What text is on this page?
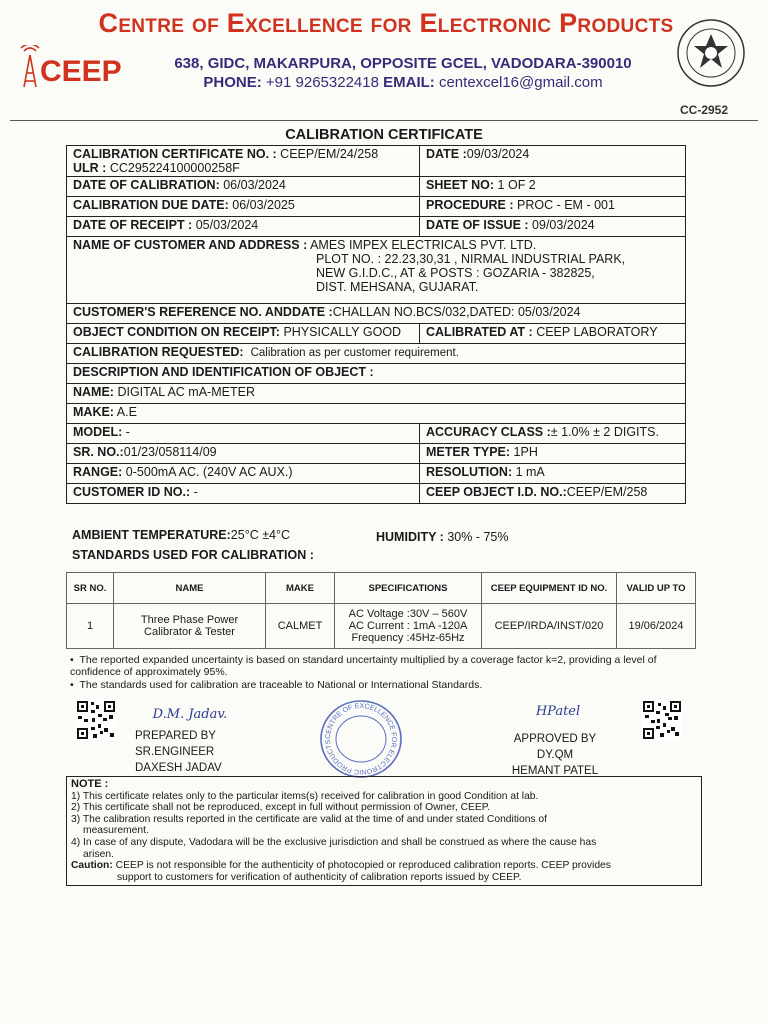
Centre of Excellence for Electronic Products
CEEP	638, GIDC, MAKARPURA, OPPOSITE GCEL, VADODARA-390010
PHONE: +91 9265322418 EMAIL: centexcel16@gmail.com
CC-2952
CALIBRATION CERTIFICATE
CALIBRATION CERTIFICATE NO. : CEEP/EM/24/258
ULR : CC295224100000258F	DATE :09/03/2024
DATE OF CALIBRATION: 06/03/2024	SHEET NO: 1 OF 2
CALIBRATION DUE DATE: 06/03/2025	PROCEDURE : PROC - EM - 001
DATE OF RECEIPT : 05/03/2024	DATE OF ISSUE : 09/03/2024
NAME OF CUSTOMER AND ADDRESS : AMES IMPEX ELECTRICALS PVT. LTD.
PLOT NO. : 22.23,30,31 , NIRMAL INDUSTRIAL PARK,
NEW G.I.D.C., AT & POSTS : GOZARIA - 382825,
DIST. MEHSANA, GUJARAT.	

CUSTOMER'S REFERENCE NO. ANDDATE :CHALLAN NO.BCS/032,DATED: 05/03/2024	
OBJECT CONDITION ON RECEIPT: PHYSICALLY GOOD	CALIBRATED AT : CEEP LABORATORY
CALIBRATION REQUESTED: Calibration as per customer requirement.	
DESCRIPTION AND IDENTIFICATION OF OBJECT :	
NAME: DIGITAL AC mA-METER	
MAKE: A.E	
MODEL: -	ACCURACY CLASS :± 1.0% ± 2 DIGITS.
SR. NO.:01/23/058114/09	METER TYPE: 1PH
RANGE: 0-500mA AC. (240V AC AUX.)	RESOLUTION: 1 mA
CUSTOMER ID NO.: -	CEEP OBJECT I.D. NO.:CEEP/EM/258
AMBIENT TEMPERATURE:25°C ±4°C	HUMIDITY : 30% - 75%
STANDARDS USED FOR CALIBRATION :
SR NO.	NAME	MAKE	SPECIFICATIONS	CEEP EQUIPMENT ID NO.	VALID UP TO
1	Three Phase Power Calibrator & Tester	CALMET	AC Voltage :30V – 560V
AC Current : 1mA -120A
Frequency :45Hz-65Hz	CEEP/IRDA/INST/020	19/06/2024
•  The reported expanded uncertainty is based on standard uncertainty multiplied by a coverage factor k=2, providing a level of confidence of approximately 95%.
•  The standards used for calibration are traceable to National or International Standards.
D.M. Jadav.
PREPARED BY
SR.ENGINEER
DAXESH JADAV
CENTRE OF EXCELLENCE FOR ELECTRONIC PRODUCTS
HPatel
APPROVED BY
DY.QM
HEMANT PATEL
NOTE :
1) This certificate relates only to the particular items(s) received for calibration in good Condition at lab.
2) This certificate shall not be reproduced, except in full without permission of Owner, CEEP.
3) The calibration results reported in the certificate are valid at the time of and under stated Conditions of
measurement.
4) In case of any dispute, Vadodara will be the exclusive jurisdiction and shall be construed as where the cause has
arisen.
Caution: CEEP is not responsible for the authenticity of photocopied or reproduced calibration reports. CEEP provides
support to customers for verification of authenticity of calibration reports issued by CEEP.
